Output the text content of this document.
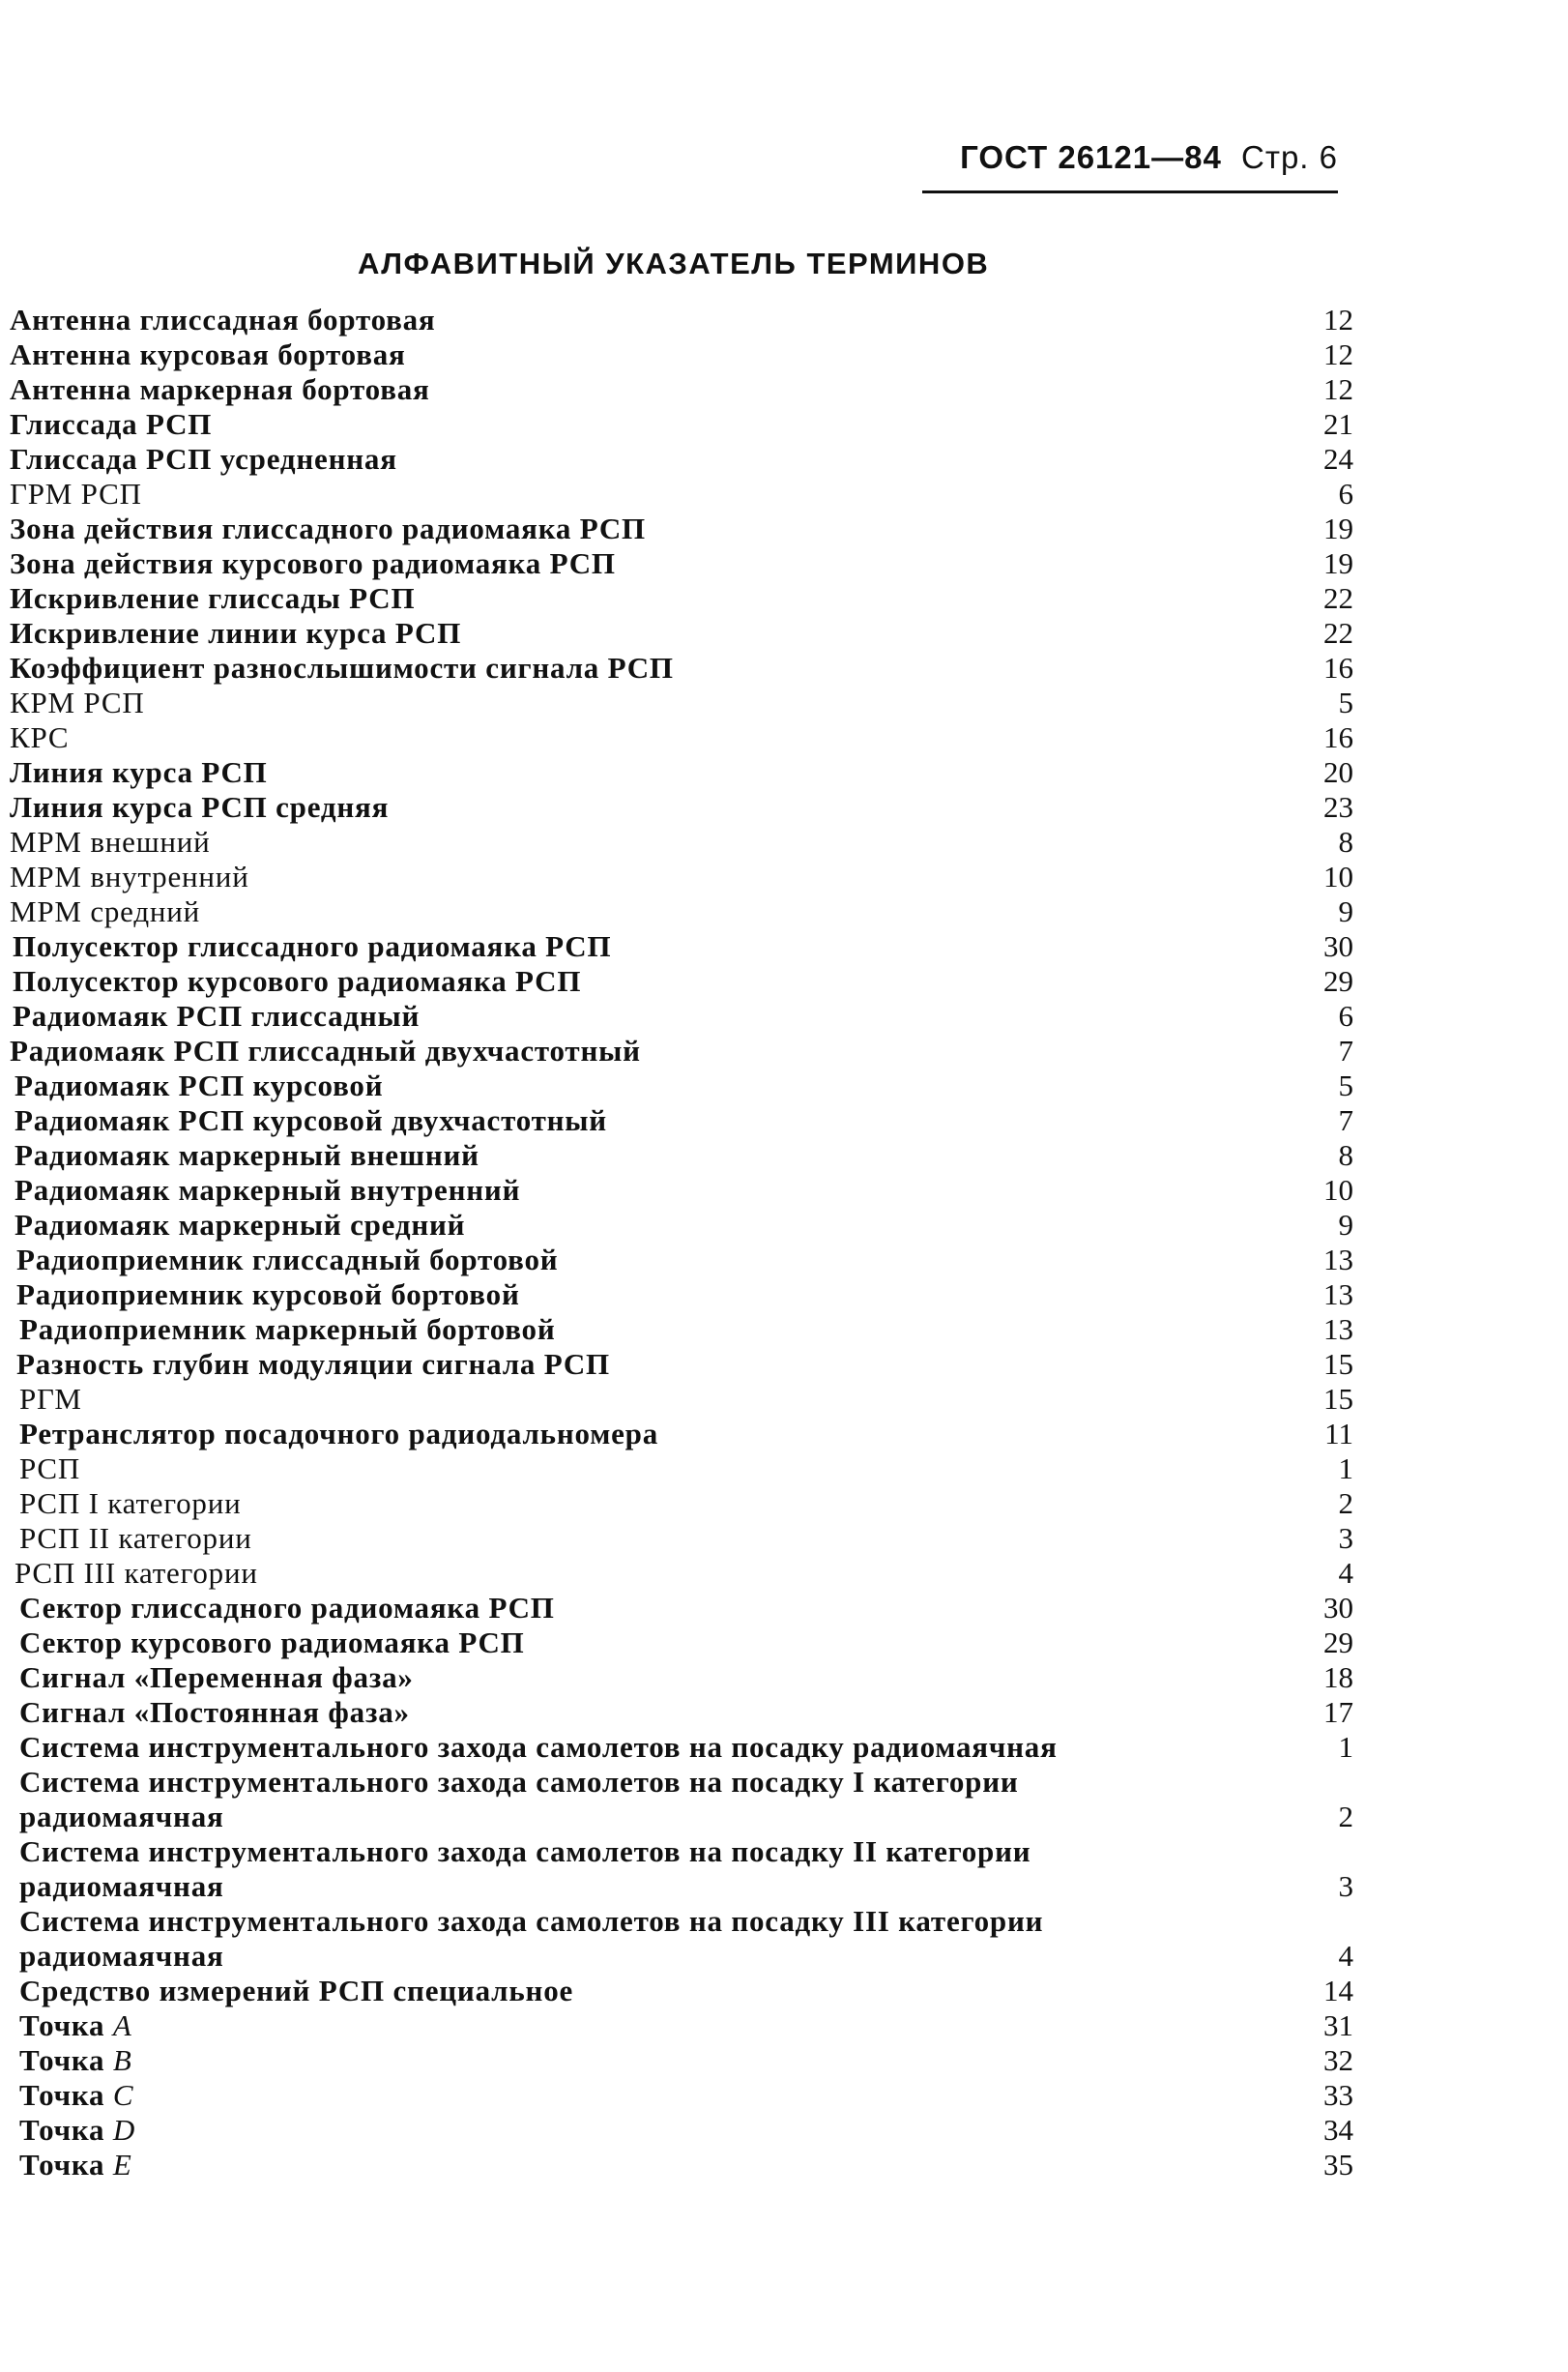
ГОСТ 26121—84 Стр. 6
АЛФАВИТНЫЙ УКАЗАТЕЛЬ ТЕРМИНОВ
Антенна глиссадная бортовая	12
Антенна курсовая бортовая	12
Антенна маркерная бортовая	12
Глиссада РСП	21
Глиссада РСП усредненная	24
ГРМ РСП	6
Зона действия глиссадного радиомаяка РСП	19
Зона действия курсового радиомаяка РСП	19
Искривление глиссады РСП	22
Искривление линии курса РСП	22
Коэффициент разнослышимости сигнала РСП	16
КРМ РСП	5
КРС	16
Линия курса РСП	20
Линия курса РСП средняя	23
МРМ внешний	8
МРМ внутренний	10
МРМ средний	9
Полусектор глиссадного радиомаяка РСП	30
Полусектор курсового радиомаяка РСП	29
Радиомаяк РСП глиссадный	6
Радиомаяк РСП глиссадный двухчастотный	7
Радиомаяк РСП курсовой	5
Радиомаяк РСП курсовой двухчастотный	7
Радиомаяк маркерный внешний	8
Радиомаяк маркерный внутренний	10
Радиомаяк маркерный средний	9
Радиоприемник глиссадный бортовой	13
Радиоприемник курсовой бортовой	13
Радиоприемник маркерный бортовой	13
Разность глубин модуляции сигнала РСП	15
РГМ	15
Ретранслятор посадочного радиодальномера	11
РСП	1
РСП I категории	2
РСП II категории	3
РСП III категории	4
Сектор глиссадного радиомаяка РСП	30
Сектор курсового радиомаяка РСП	29
Сигнал «Переменная фаза»	18
Сигнал «Постоянная фаза»	17
Система инструментального захода самолетов на посадку радиомаячная	1
Система инструментального захода самолетов на посадку I категории
радиомаячная	2
Система инструментального захода самолетов на посадку II категории
радиомаячная	3
Система инструментального захода самолетов на посадку III категории
радиомаячная	4
Средство измерений РСП специальное	14
Точка A	31
Точка B	32
Точка C	33
Точка D	34
Точка E	35
